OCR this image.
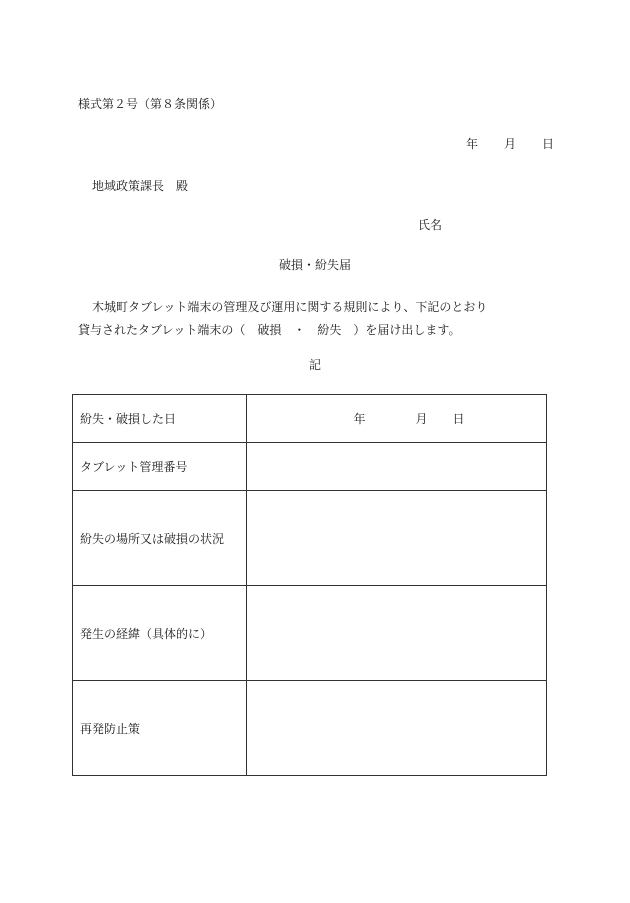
様式第２号（第８条関係）
年 月 日
地域政策課長　殿
氏名
破損・紛失届
木城町タブレット端末の管理及び運用に関する規則により、下記のとおり
貸与されたタブレット端末の（　破損　・　紛失　）を届け出します。
記
紛失・破損した日	年 月 日
タブレット管理番号	
紛失の場所又は破損の状況	
発生の経緯（具体的に）	
再発防止策	
